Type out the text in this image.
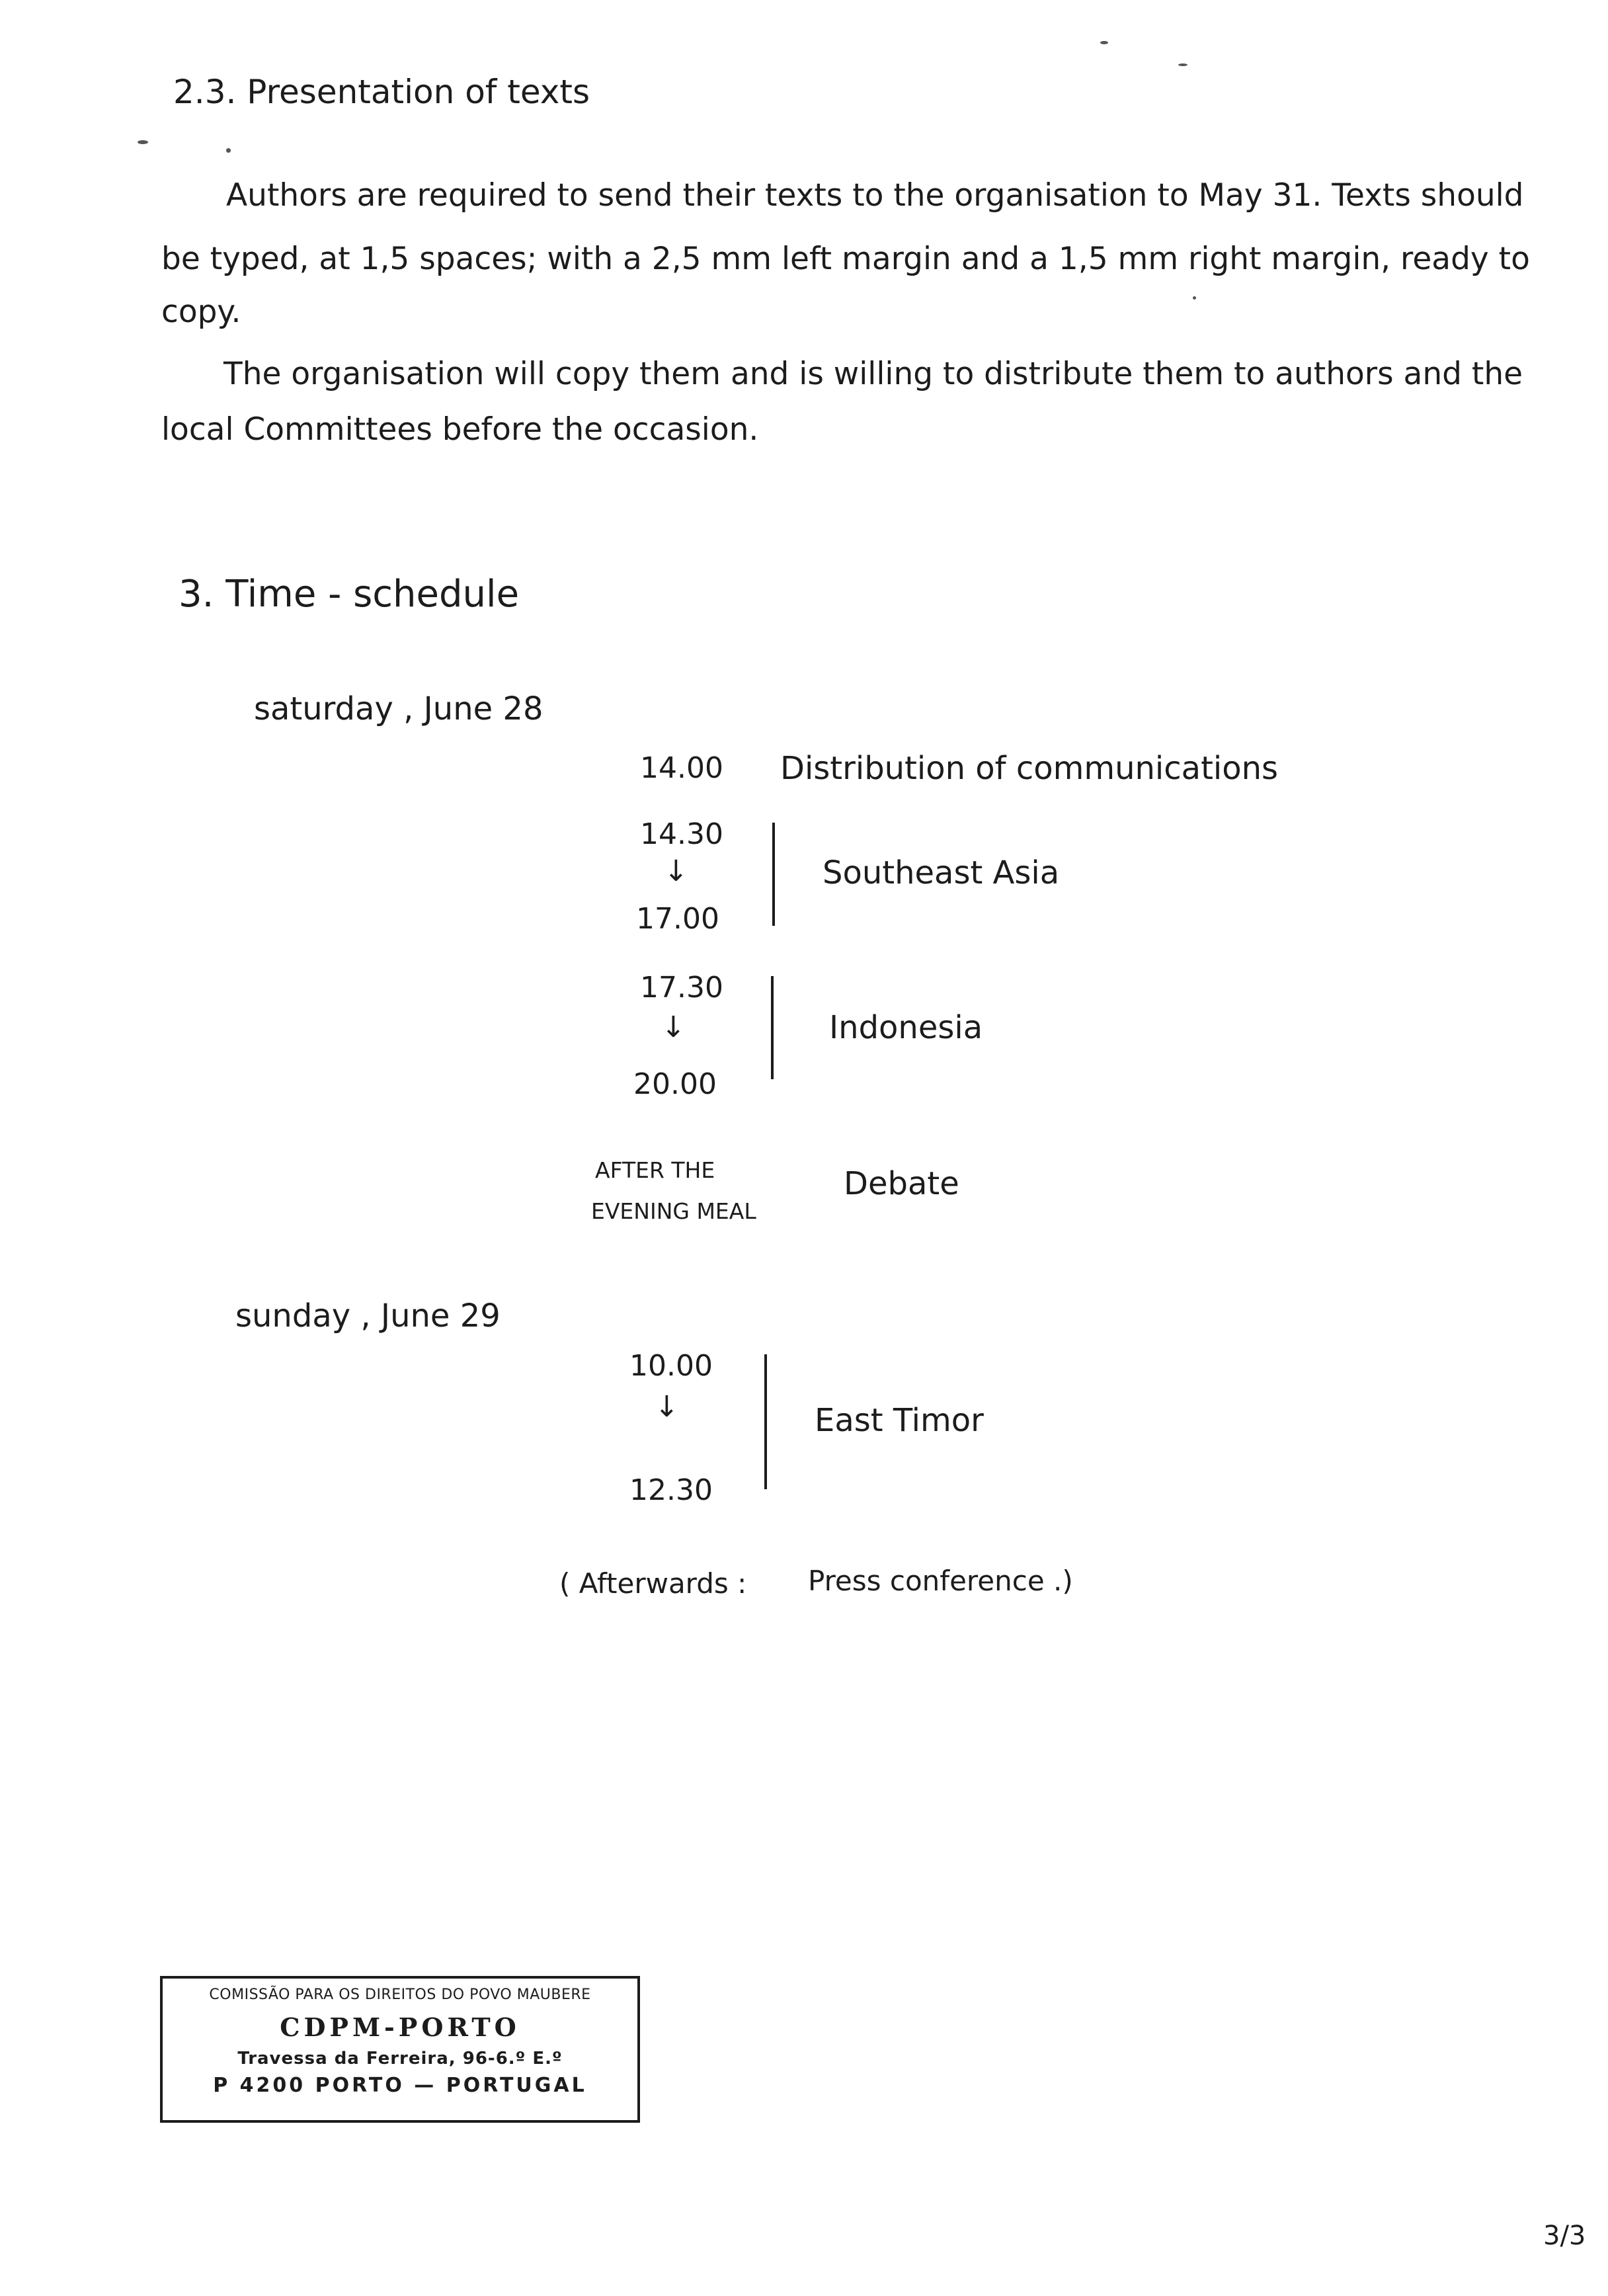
2.3. Presentation of texts
Authors are required to send their texts to the organisation to May 31. Texts should
be typed, at 1,5 spaces; with a 2,5 mm left margin and a 1,5 mm right margin, ready to
copy.
The organisation will copy them and is willing to distribute them to authors and the
local Committees before the occasion.
3. Time - schedule
saturday , June 28
14.00 Distribution of communications
14.30
↓
17.00
Southeast Asia
17.30
↓
20.00
Indonesia
AFTER THE
EVENING MEAL
Debate
sunday , June 29
10.00
↓
12.30
East Timor
( Afterwards : Press conference .)
COMISSÃO PARA OS DIREITOS DO POVO MAUBERE
CDPM-PORTO
Travessa da Ferreira, 96-6.º E.º
P 4200 PORTO — PORTUGAL
3/3
